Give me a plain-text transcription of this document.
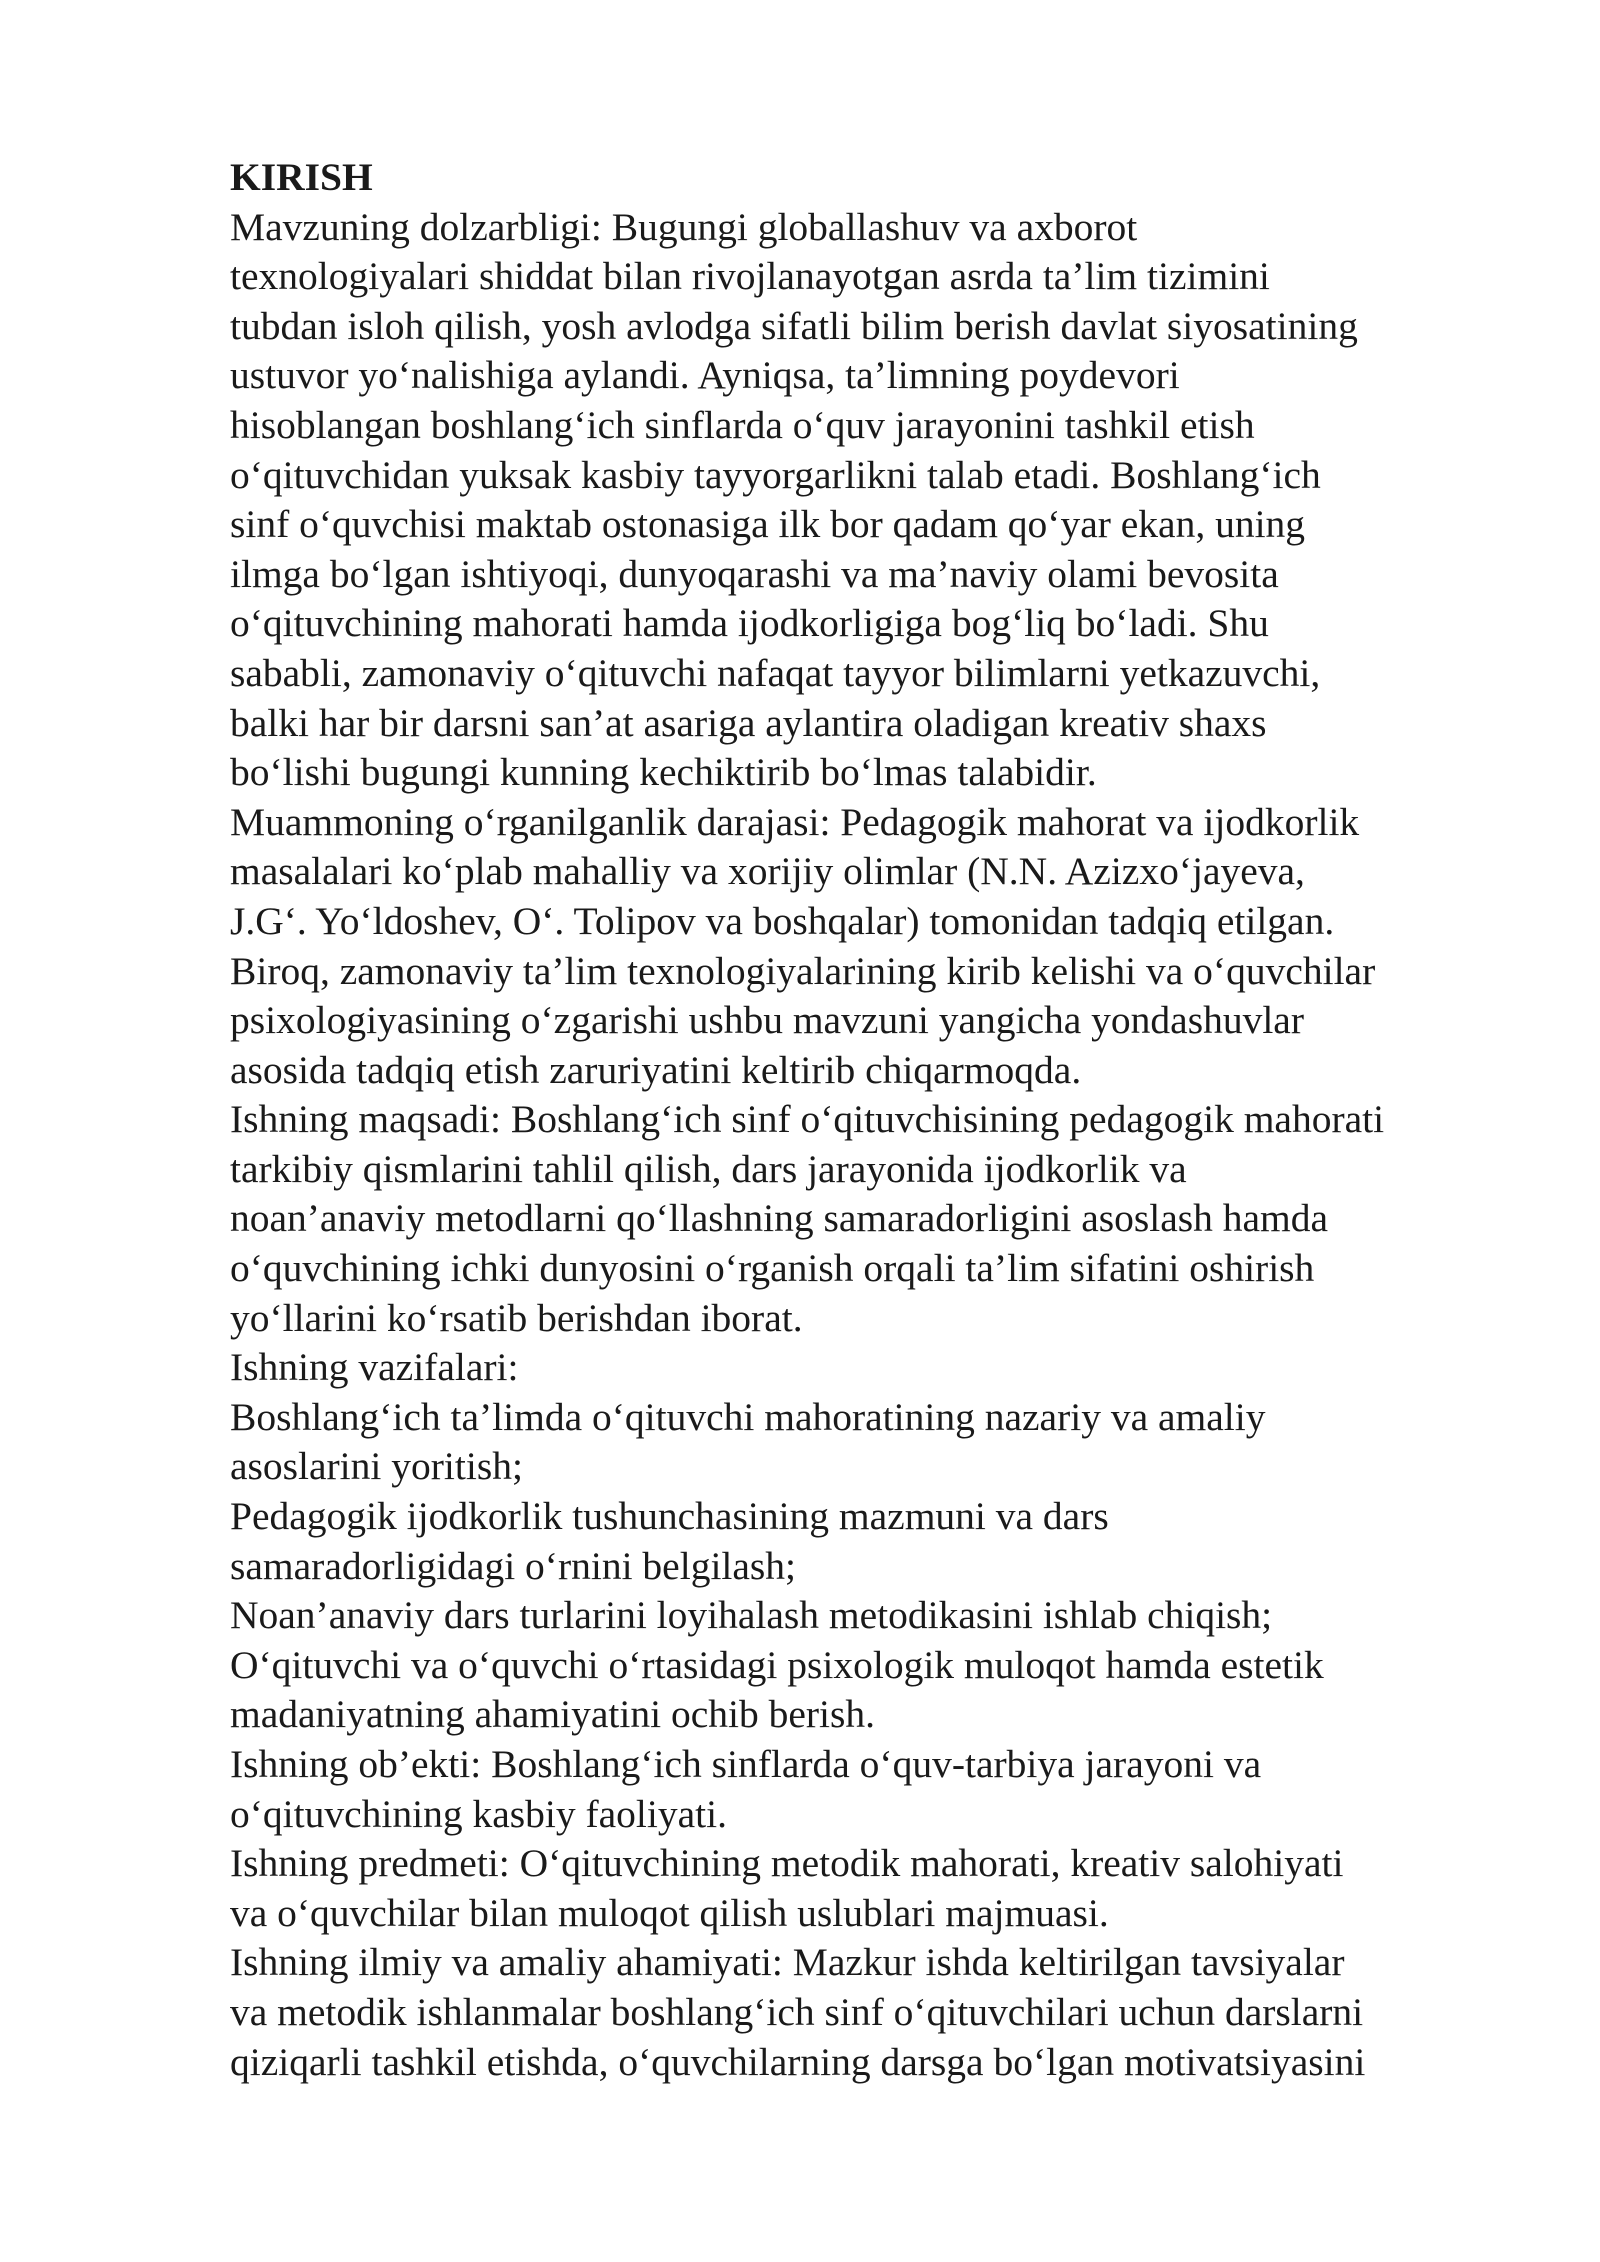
KIRISH
Mavzuning dolzarbligi: Bugungi globallashuv va axborot
texnologiyalari shiddat bilan rivojlanayotgan asrda ta’lim tizimini
tubdan isloh qilish, yosh avlodga sifatli bilim berish davlat siyosatining
ustuvor yo‘nalishiga aylandi. Ayniqsa, ta’limning poydevori
hisoblangan boshlang‘ich sinflarda o‘quv jarayonini tashkil etish
o‘qituvchidan yuksak kasbiy tayyorgarlikni talab etadi. Boshlang‘ich
sinf o‘quvchisi maktab ostonasiga ilk bor qadam qo‘yar ekan, uning
ilmga bo‘lgan ishtiyoqi, dunyoqarashi va ma’naviy olami bevosita
o‘qituvchining mahorati hamda ijodkorligiga bog‘liq bo‘ladi. Shu
sababli, zamonaviy o‘qituvchi nafaqat tayyor bilimlarni yetkazuvchi,
balki har bir darsni san’at asariga aylantira oladigan kreativ shaxs
bo‘lishi bugungi kunning kechiktirib bo‘lmas talabidir.
Muammoning o‘rganilganlik darajasi: Pedagogik mahorat va ijodkorlik
masalalari ko‘plab mahalliy va xorijiy olimlar (N.N. Azizxo‘jayeva,
J.G‘. Yo‘ldoshev, O‘. Tolipov va boshqalar) tomonidan tadqiq etilgan.
Biroq, zamonaviy ta’lim texnologiyalarining kirib kelishi va o‘quvchilar
psixologiyasining o‘zgarishi ushbu mavzuni yangicha yondashuvlar
asosida tadqiq etish zaruriyatini keltirib chiqarmoqda.
Ishning maqsadi: Boshlang‘ich sinf o‘qituvchisining pedagogik mahorati
tarkibiy qismlarini tahlil qilish, dars jarayonida ijodkorlik va
noan’anaviy metodlarni qo‘llashning samaradorligini asoslash hamda
o‘quvchining ichki dunyosini o‘rganish orqali ta’lim sifatini oshirish
yo‘llarini ko‘rsatib berishdan iborat.
Ishning vazifalari:
Boshlang‘ich ta’limda o‘qituvchi mahoratining nazariy va amaliy
asoslarini yoritish;
Pedagogik ijodkorlik tushunchasining mazmuni va dars
samaradorligidagi o‘rnini belgilash;
Noan’anaviy dars turlarini loyihalash metodikasini ishlab chiqish;
O‘qituvchi va o‘quvchi o‘rtasidagi psixologik muloqot hamda estetik
madaniyatning ahamiyatini ochib berish.
Ishning ob’ekti: Boshlang‘ich sinflarda o‘quv-tarbiya jarayoni va
o‘qituvchining kasbiy faoliyati.
Ishning predmeti: O‘qituvchining metodik mahorati, kreativ salohiyati
va o‘quvchilar bilan muloqot qilish uslublari majmuasi.
Ishning ilmiy va amaliy ahamiyati: Mazkur ishda keltirilgan tavsiyalar
va metodik ishlanmalar boshlang‘ich sinf o‘qituvchilari uchun darslarni
qiziqarli tashkil etishda, o‘quvchilarning darsga bo‘lgan motivatsiyasini
